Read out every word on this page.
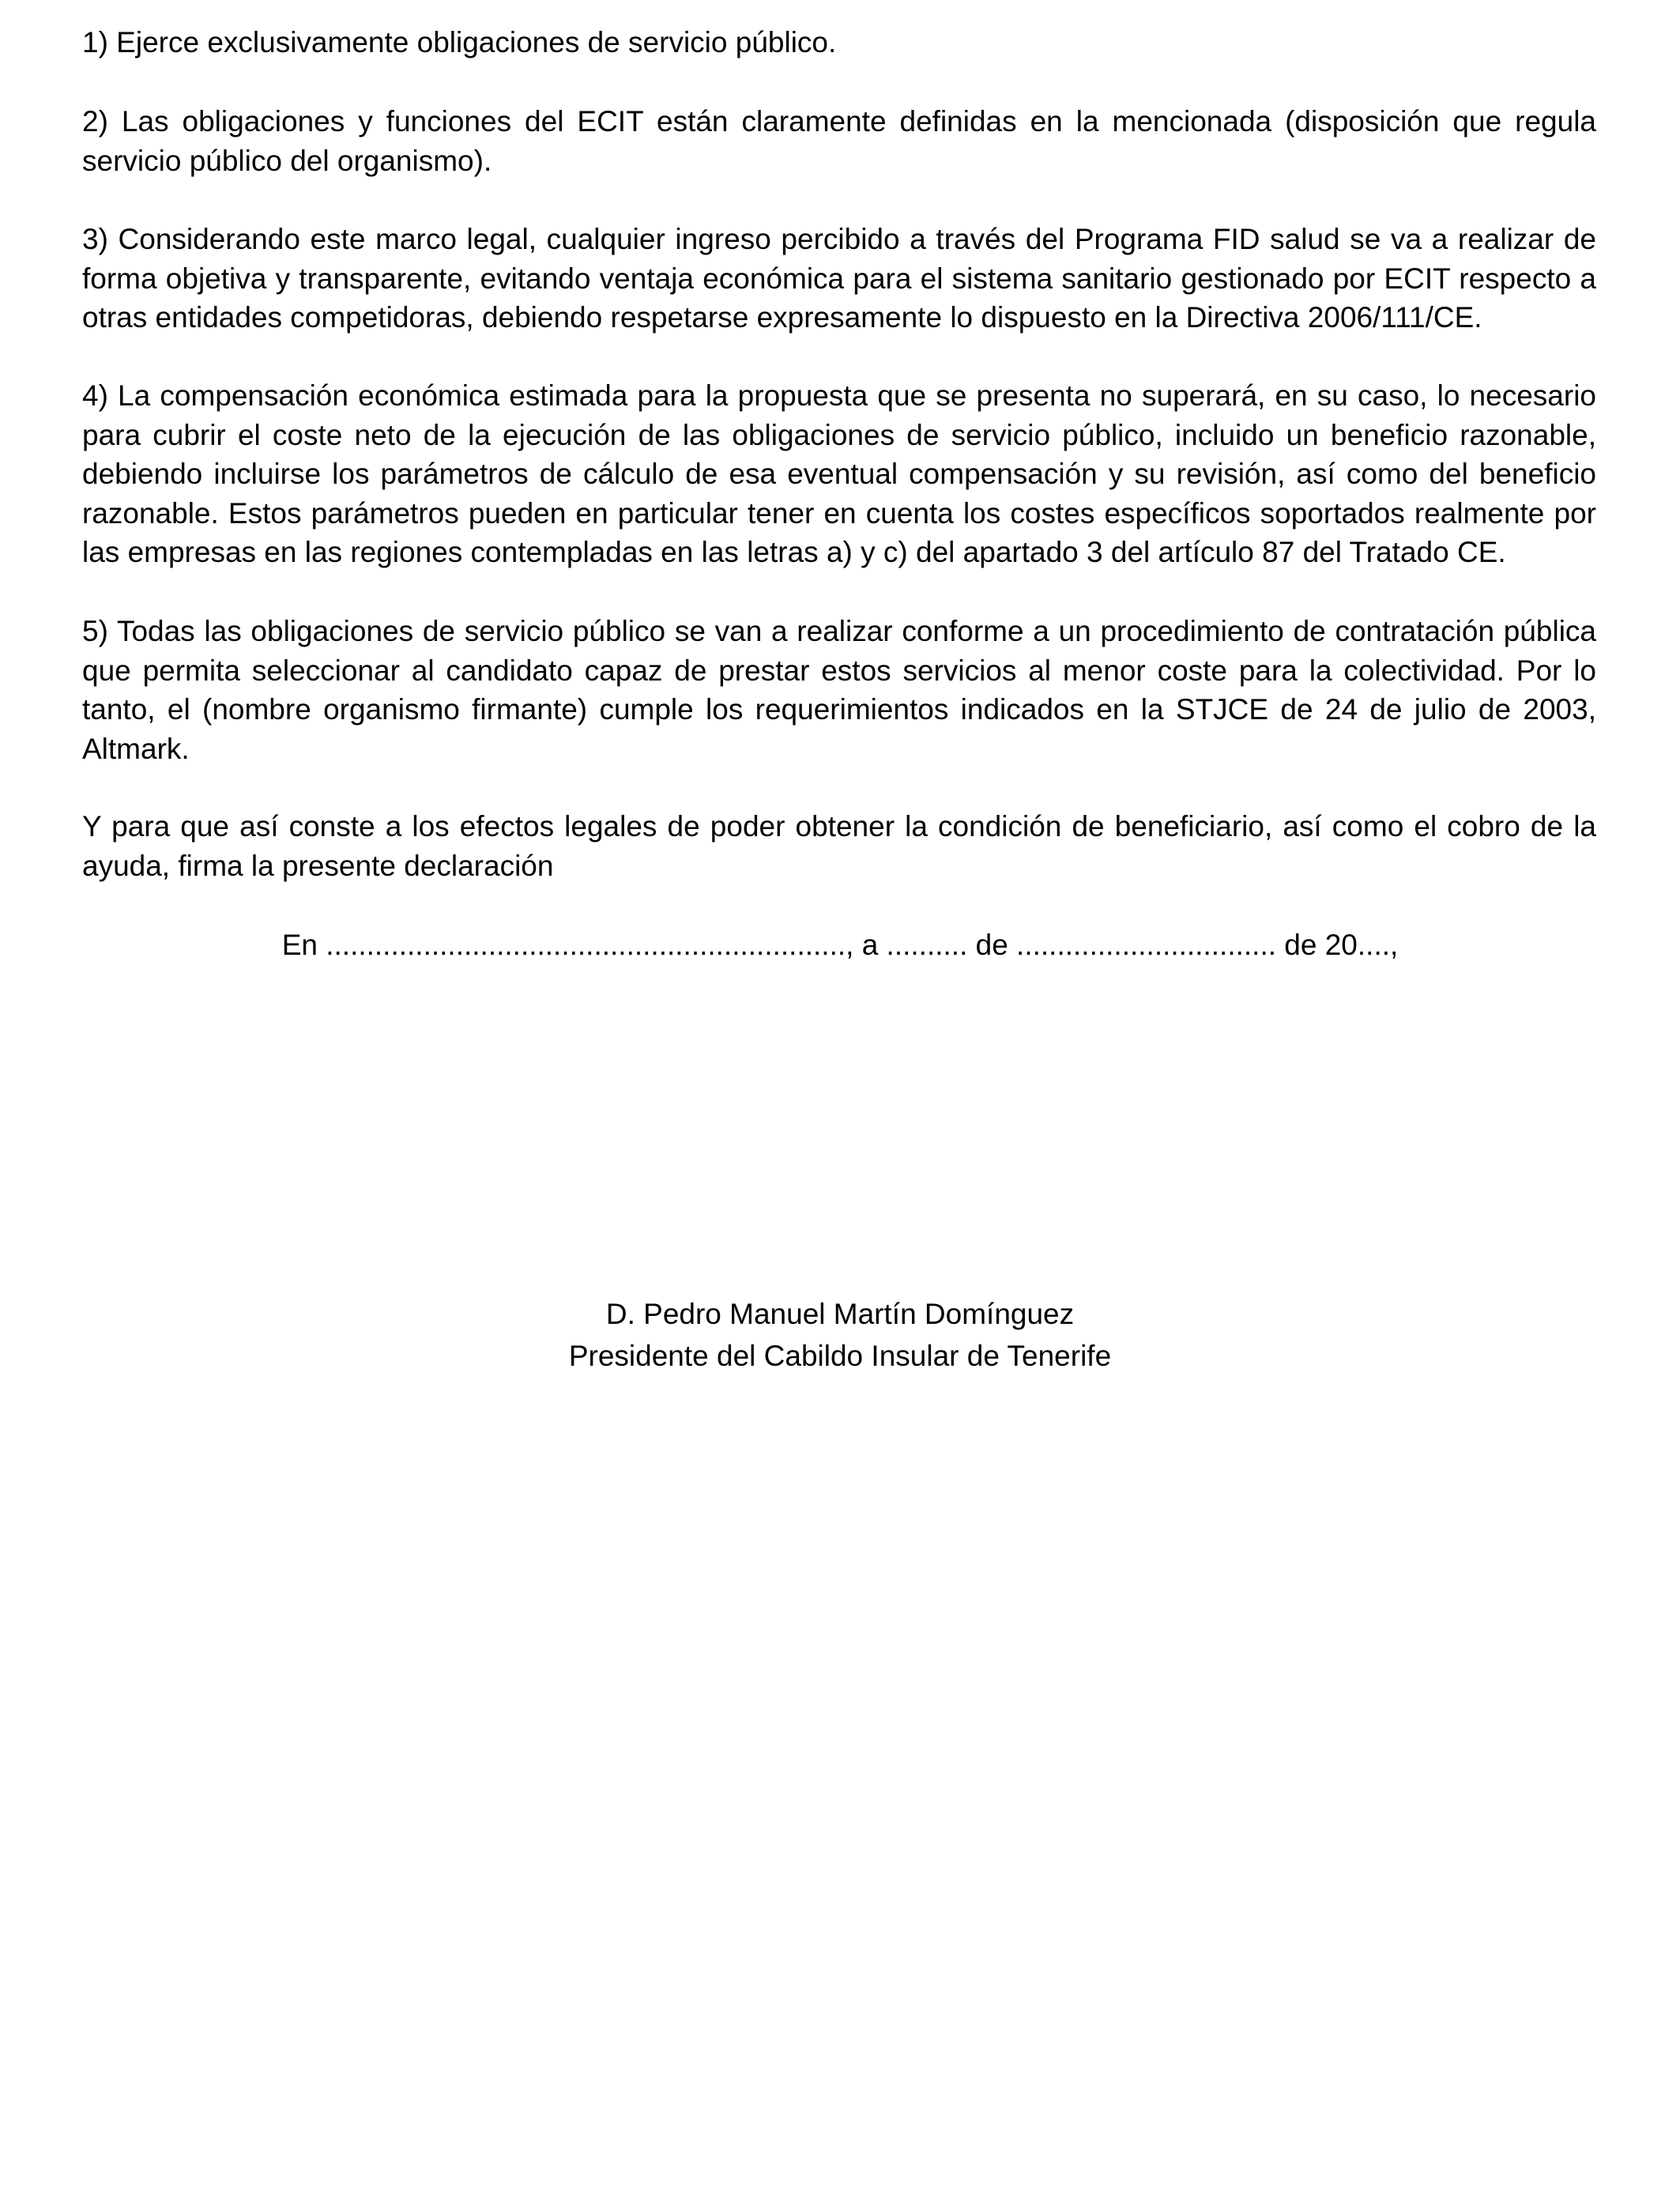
1) Ejerce exclusivamente obligaciones de servicio público.

2) Las obligaciones y funciones del ECIT están claramente definidas en la mencionada (disposición que regula servicio público del organismo).

3) Considerando este marco legal, cualquier ingreso percibido a través del Programa FID salud se va a realizar de forma objetiva y transparente, evitando ventaja económica para el sistema sanitario gestionado por ECIT respecto a otras entidades competidoras, debiendo respetarse expresamente lo dispuesto en la Directiva 2006/111/CE.

4) La compensación económica estimada para la propuesta que se presenta no superará, en su caso, lo necesario para cubrir el coste neto de la ejecución de las obligaciones de servicio público, incluido un beneficio razonable, debiendo incluirse los parámetros de cálculo de esa eventual compensación y su revisión, así como del beneficio razonable. Estos parámetros pueden en particular tener en cuenta los costes específicos soportados realmente por las empresas en las regiones contempladas en las letras a) y c) del apartado 3 del artículo 87 del Tratado CE.

5) Todas las obligaciones de servicio público se van a realizar conforme a un procedimiento de contratación pública que permita seleccionar al candidato capaz de prestar estos servicios al menor coste para la colectividad. Por lo tanto, el (nombre organismo firmante) cumple los requerimientos indicados en la STJCE de 24 de julio de 2003, Altmark.

Y para que así conste a los efectos legales de poder obtener la condición de beneficiario, así como el cobro de la ayuda, firma la presente declaración

En ................................................................, a .......... de ................................ de 20....,

D. Pedro Manuel Martín Domínguez

Presidente del Cabildo Insular de Tenerife
